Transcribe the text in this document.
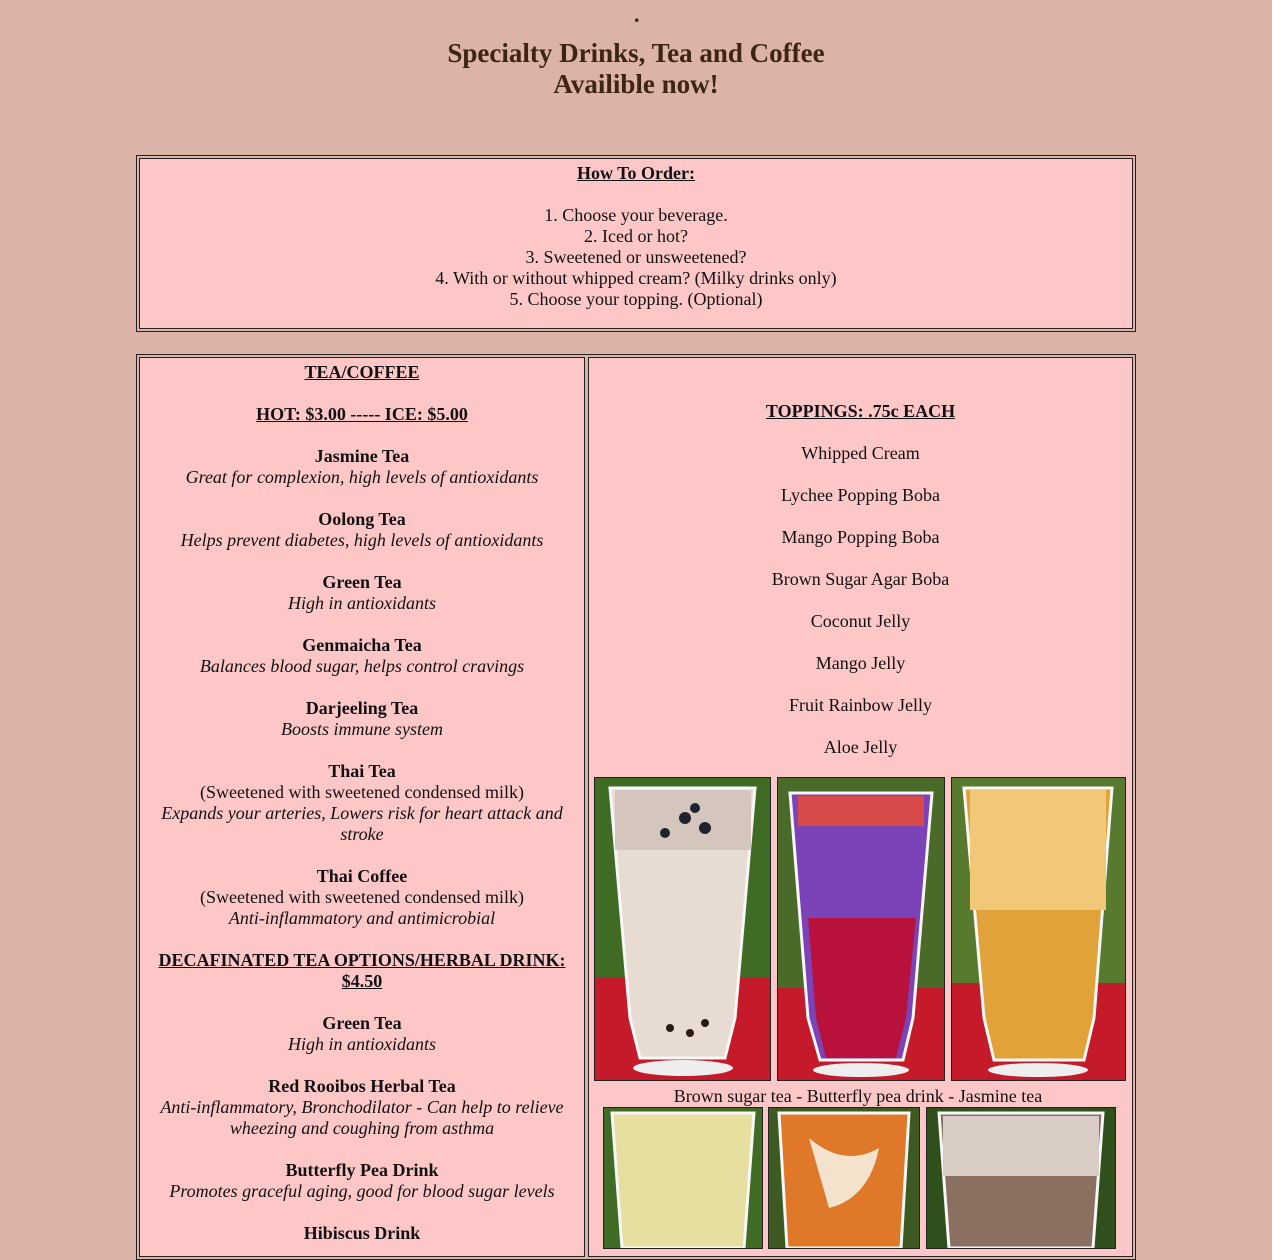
.
Specialty Drinks, Tea and Coffee
Availible now!
How To Order:
1. Choose your beverage.
2. Iced or hot?
3. Sweetened or unsweetened?
4. With or without whipped cream? (Milky drinks only)
5. Choose your topping. (Optional)
TEA/COFFEE
HOT: $3.00 ----- ICE: $5.00
Jasmine Tea
Great for complexion, high levels of antioxidants
Oolong Tea
Helps prevent diabetes, high levels of antioxidants
Green Tea
High in antioxidants
Genmaicha Tea
Balances blood sugar, helps control cravings
Darjeeling Tea
Boosts immune system
Thai Tea
(Sweetened with sweetened condensed milk)
Expands your arteries, Lowers risk for heart attack and stroke
Thai Coffee
(Sweetened with sweetened condensed milk)
Anti-inflammatory and antimicrobial
DECAFINATED TEA OPTIONS/HERBAL DRINK: $4.50
Green Tea
High in antioxidants
Red Rooibos Herbal Tea
Anti-inflammatory, Bronchodilator - Can help to relieve wheezing and coughing from asthma
Butterfly Pea Drink
Promotes graceful aging, good for blood sugar levels
Hibiscus Drink
TOPPINGS: .75c EACH
Whipped Cream
Lychee Popping Boba
Mango Popping Boba
Brown Sugar Agar Boba
Coconut Jelly
Mango Jelly
Fruit Rainbow Jelly
Aloe Jelly
Brown sugar tea - Butterfly pea drink - Jasmine tea
